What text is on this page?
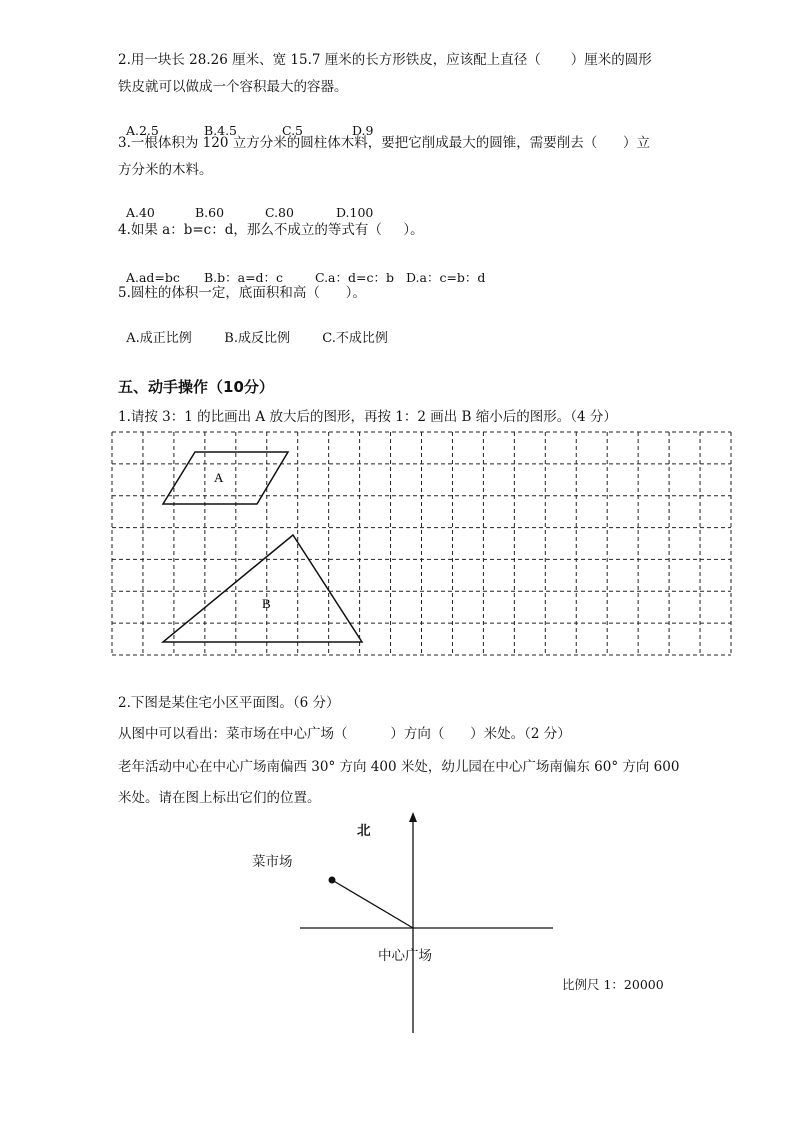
2.用一块长 28.26 厘米、宽 15.7 厘米的长方形铁皮，应该配上直径（       ）厘米的圆形
铁皮就可以做成一个容积最大的容器。

A.2.5	B.4.5	C.5	D.9

3.一根体积为 120 立方分米的圆柱体木料，要把它削成最大的圆锥，需要削去（      ）立
方分米的木料。

A.40	B.60	C.80	D.100

4.如果 a：b=c：d，那么不成立的等式有（     ）。

A.ad=bc B.b：a=d：c	C.a：d=c：b D.a：c=b：d

5.圆柱的体积一定，底面积和高（      ）。

A.成正比例 B.成反比例 C.不成比例

五、动手操作（10分）
1.请按 3：1 的比画出 A 放大后的图形，再按 1：2 画出 B 缩小后的图形。（4 分）
A
B
2.下图是某住宅小区平面图。（6 分）
从图中可以看出：菜市场在中心广场（          ）方向（      ）米处。（2 分）
老年活动中心在中心广场南偏西 30° 方向 400 米处，幼儿园在中心广场南偏东 60° 方向 600
米处。请在图上标出它们的位置。
北
菜市场
中心广场
比例尺 1：20000
